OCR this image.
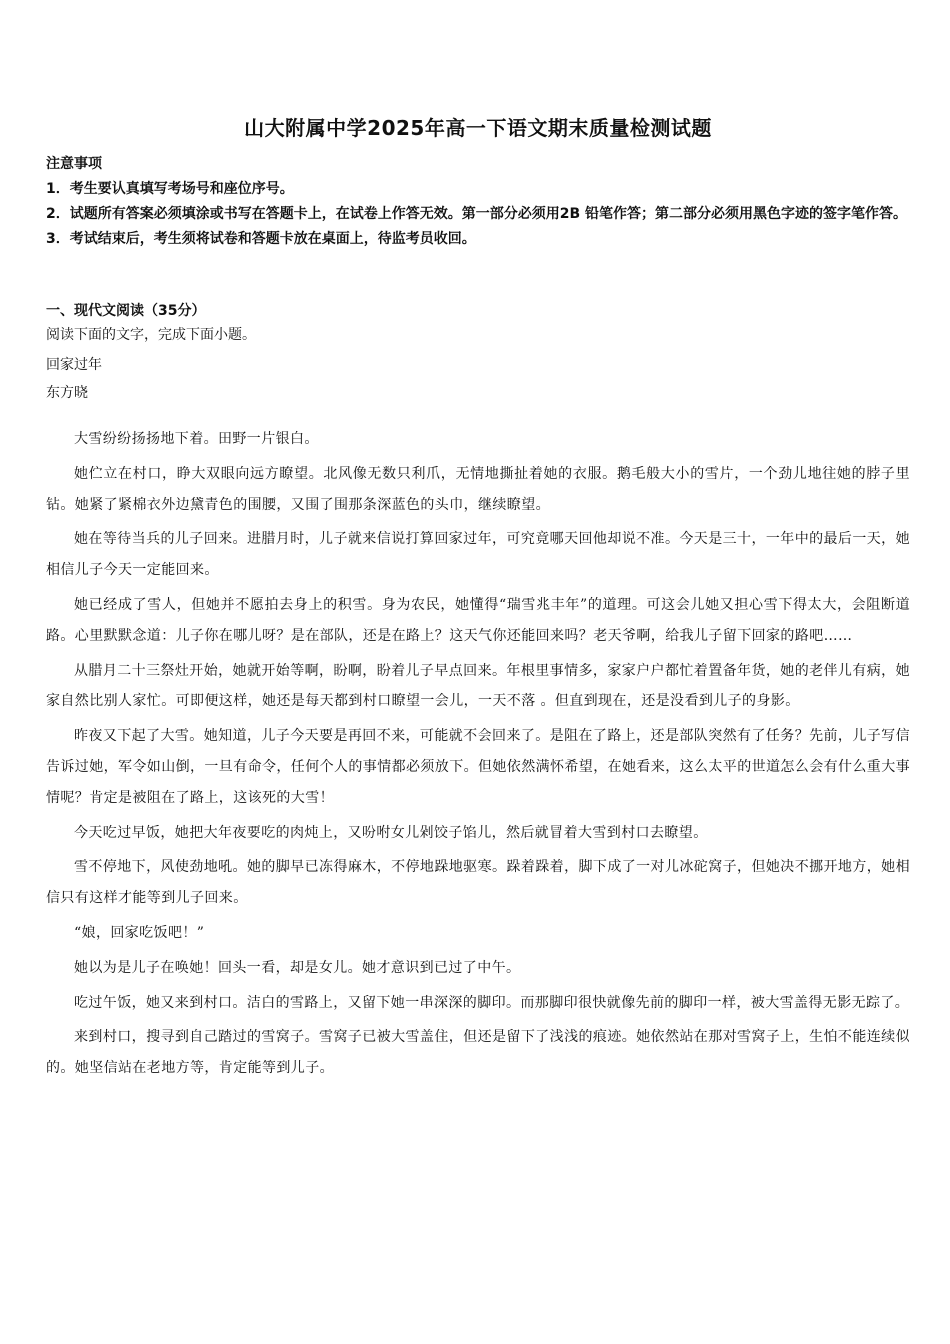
山大附属中学2025年高一下语文期末质量检测试题

注意事项

1．考生要认真填写考场号和座位序号。

2．试题所有答案必须填涂或书写在答题卡上，在试卷上作答无效。第一部分必须用2B 铅笔作答；第二部分必须用黑色字迹的签字笔作答。

3．考试结束后，考生须将试卷和答题卡放在桌面上，待监考员收回。

一、现代文阅读（35分）
阅读下面的文字，完成下面小题。
回家过年
东方晓

大雪纷纷扬扬地下着。田野一片银白。

她伫立在村口，睁大双眼向远方瞭望。北风像无数只利爪，无情地撕扯着她的衣服。鹅毛般大小的雪片，一个劲儿地往她的脖子里钻。她紧了紧棉衣外边黛青色的围腰，又围了围那条深蓝色的头巾，继续瞭望。

她在等待当兵的儿子回来。进腊月时，儿子就来信说打算回家过年，可究竟哪天回他却说不准。今天是三十，一年中的最后一天，她相信儿子今天一定能回来。

她已经成了雪人，但她并不愿拍去身上的积雪。身为农民，她懂得“瑞雪兆丰年”的道理。可这会儿她又担心雪下得太大，会阻断道路。心里默默念道：儿子你在哪儿呀？是在部队，还是在路上？这天气你还能回来吗？老天爷啊，给我儿子留下回家的路吧……

从腊月二十三祭灶开始，她就开始等啊，盼啊，盼着儿子早点回来。年根里事情多，家家户户都忙着置备年货，她的老伴儿有病，她家自然比别人家忙。可即便这样，她还是每天都到村口瞭望一会儿，一天不落 。但直到现在，还是没看到儿子的身影。

昨夜又下起了大雪。她知道，儿子今天要是再回不来，可能就不会回来了。是阻在了路上，还是部队突然有了任务？先前，儿子写信告诉过她，军令如山倒，一旦有命令，任何个人的事情都必须放下。但她依然满怀希望，在她看来，这么太平的世道怎么会有什么重大事情呢？肯定是被阻在了路上，这该死的大雪！

今天吃过早饭，她把大年夜要吃的肉炖上，又吩咐女儿剁饺子馅儿，然后就冒着大雪到村口去瞭望。

雪不停地下，风使劲地吼。她的脚早已冻得麻木，不停地跺地驱寒。跺着跺着，脚下成了一对儿冰砣窝子，但她决不挪开地方，她相信只有这样才能等到儿子回来。

“娘，回家吃饭吧！”

她以为是儿子在唤她！回头一看，却是女儿。她才意识到已过了中午。

吃过午饭，她又来到村口。洁白的雪路上，又留下她一串深深的脚印。而那脚印很快就像先前的脚印一样，被大雪盖得无影无踪了。

来到村口，搜寻到自己踏过的雪窝子。雪窝子已被大雪盖住，但还是留下了浅浅的痕迹。她依然站在那对雪窝子上，生怕不能连续似的。她坚信站在老地方等，肯定能等到儿子。
